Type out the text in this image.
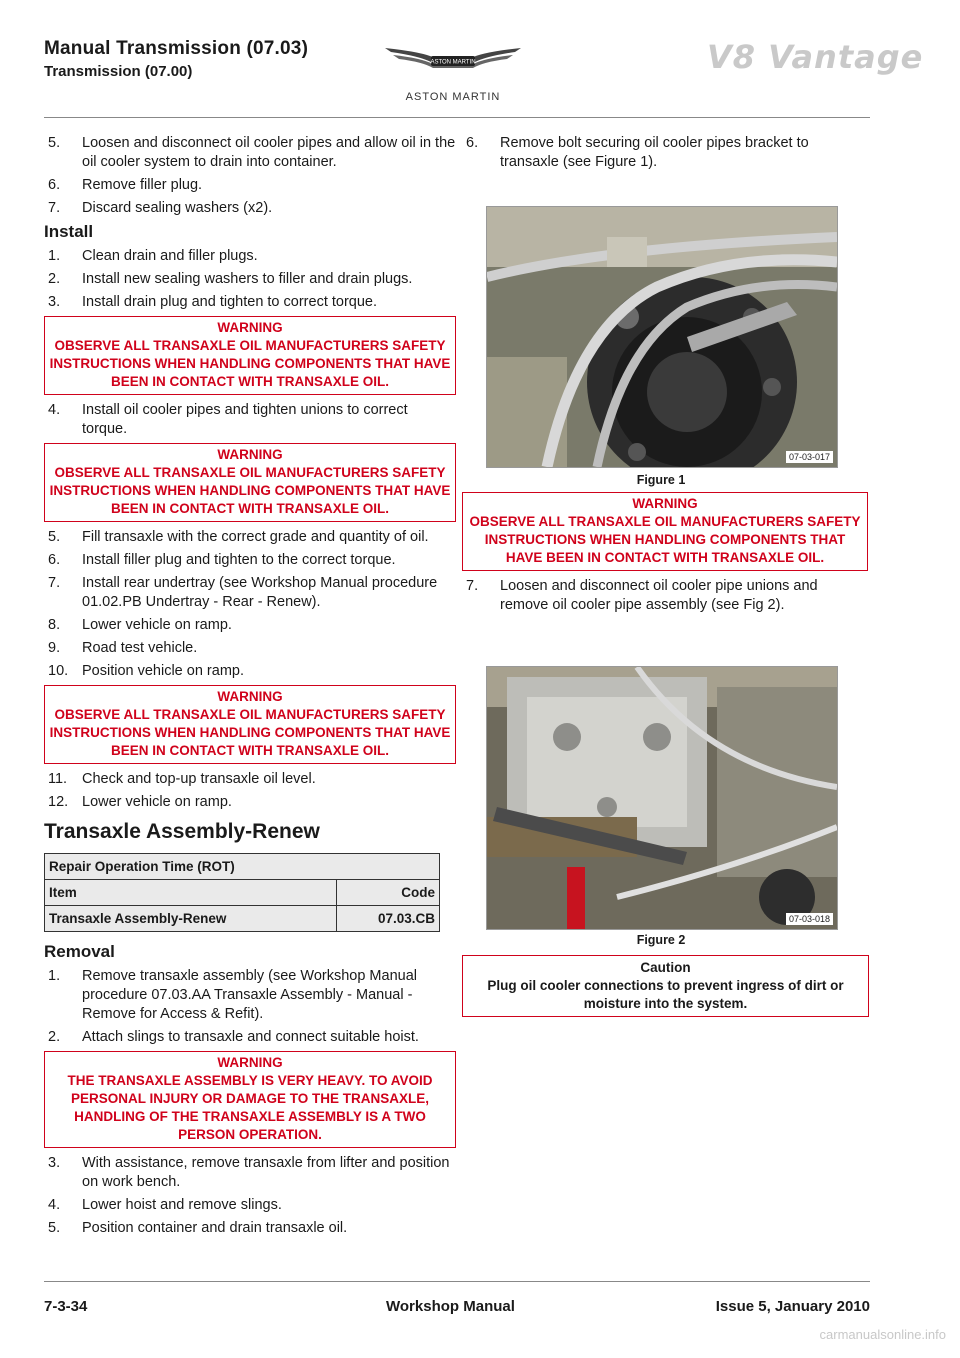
Manual Transmission (07.03)
Transmission (07.00)
ASTON MARTIN
ASTON MARTIN
V8 Vantage
5. Loosen and disconnect oil cooler pipes and allow oil in the oil cooler system to drain into container.
6. Remove filler plug.
7. Discard sealing washers (x2).
Install
1. Clean drain and filler plugs.
2. Install new sealing washers to filler and drain plugs.
3. Install drain plug and tighten to correct torque.
WARNING
OBSERVE ALL TRANSAXLE OIL MANUFACTURERS SAFETY INSTRUCTIONS WHEN HANDLING COMPONENTS THAT HAVE BEEN IN CONTACT WITH TRANSAXLE OIL.
4. Install oil cooler pipes and tighten unions to correct torque.
WARNING
OBSERVE ALL TRANSAXLE OIL MANUFACTURERS SAFETY INSTRUCTIONS WHEN HANDLING COMPONENTS THAT HAVE BEEN IN CONTACT WITH TRANSAXLE OIL.
5. Fill transaxle with the correct grade and quantity of oil.
6. Install filler plug and tighten to the correct torque.
7. Install rear undertray (see Workshop Manual procedure 01.02.PB Undertray - Rear - Renew).
8. Lower vehicle on ramp.
9. Road test vehicle.
10. Position vehicle on ramp.
WARNING
OBSERVE ALL TRANSAXLE OIL MANUFACTURERS SAFETY INSTRUCTIONS WHEN HANDLING COMPONENTS THAT HAVE BEEN IN CONTACT WITH TRANSAXLE OIL.
11. Check and top-up transaxle oil level.
12. Lower vehicle on ramp.
Transaxle Assembly-Renew
Repair Operation Time (ROT)	
Item	Code
Transaxle Assembly-Renew	07.03.CB
Removal
1. Remove transaxle assembly (see Workshop Manual procedure 07.03.AA Transaxle Assembly - Manual - Remove for Access & Refit).
2. Attach slings to transaxle and connect suitable hoist.
WARNING
THE TRANSAXLE ASSEMBLY IS VERY HEAVY. TO AVOID PERSONAL INJURY OR DAMAGE TO THE TRANSAXLE, HANDLING OF THE TRANSAXLE ASSEMBLY IS A TWO PERSON OPERATION.
3. With assistance, remove transaxle from lifter and position on work bench.
4. Lower hoist and remove slings.
5. Position container and drain transaxle oil.
6. Remove bolt securing oil cooler pipes bracket to transaxle (see Figure 1).
07-03-017
Figure 1
WARNING
OBSERVE ALL TRANSAXLE OIL MANUFACTURERS SAFETY INSTRUCTIONS WHEN HANDLING COMPONENTS THAT HAVE BEEN IN CONTACT WITH TRANSAXLE OIL.
7. Loosen and disconnect oil cooler pipe unions and remove oil cooler pipe assembly (see Fig 2).
07-03-018
Figure 2
Caution
Plug oil cooler connections to prevent ingress of dirt or moisture into the system.
7-3-34	Workshop Manual	Issue 5, January 2010
carmanualsonline.info
